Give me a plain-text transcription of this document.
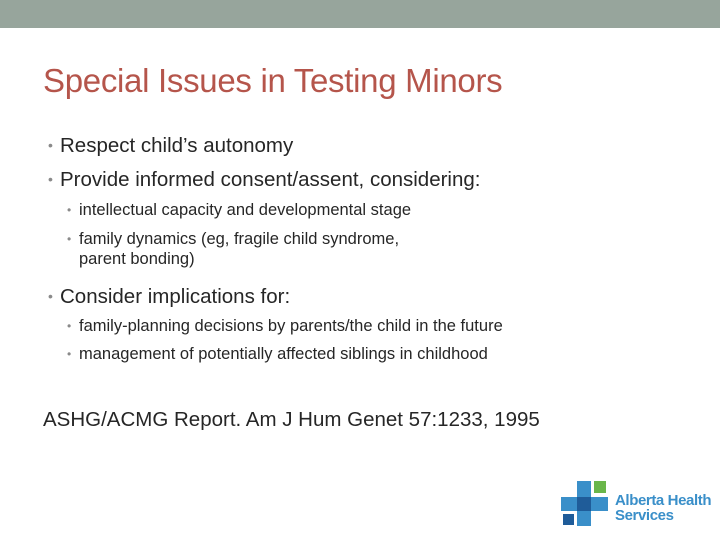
Special Issues in Testing Minors
• Respect child’s autonomy
• Provide informed consent/assent, considering:
• intellectual capacity and developmental stage
• family dynamics (eg, fragile child syndrome,
parent bonding)
• Consider implications for:
• family-planning decisions by parents/the child in the future
• management of potentially affected siblings in childhood
ASHG/ACMG Report. Am J Hum Genet 57:1233, 1995
Alberta Health
Services
